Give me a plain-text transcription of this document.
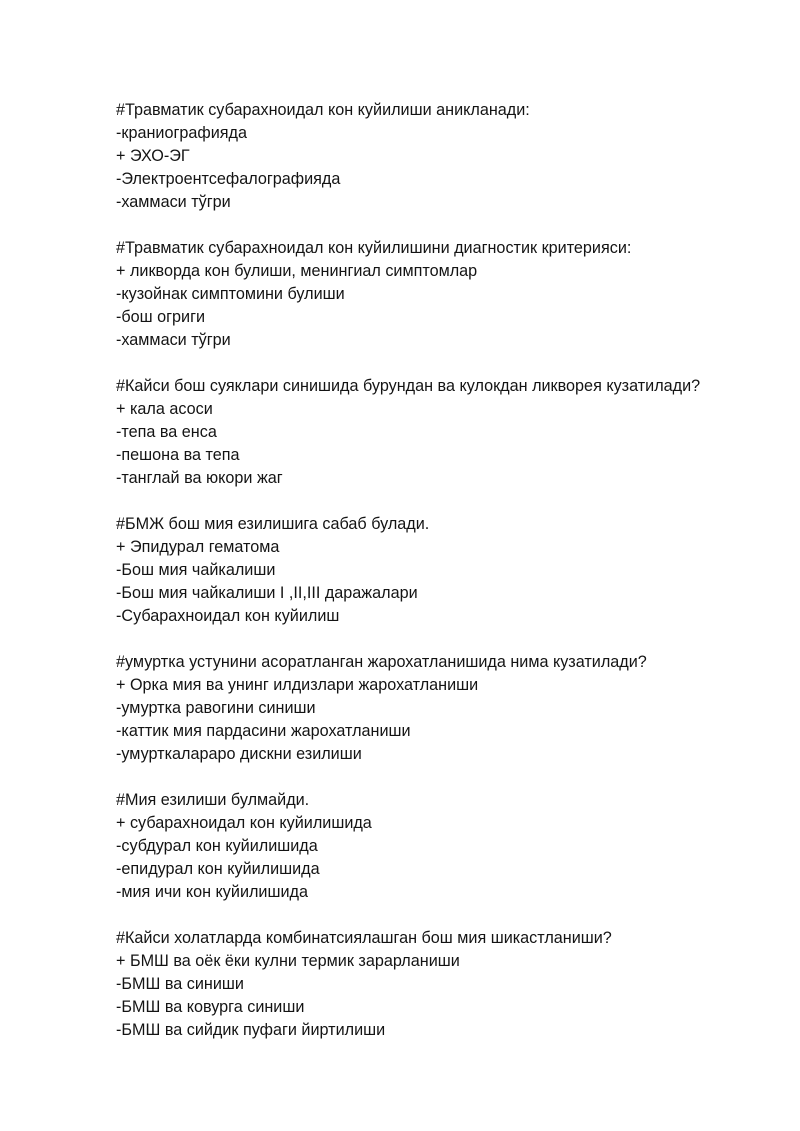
#Травматик субарахноидал кон куйилиши аникланади:
-краниографияда
+ ЭХО-ЭГ
-Электроентсефалографияда
-хаммаси тўгри
#Травматик субарахноидал кон куйилишини диагностик критерияси:
+ ликворда кон булиши, менингиал симптомлар
-кузойнак симптомини булиши
-бош огриги
-хаммаси тўгри
#Кайси бош суяклари синишида бурундан ва кулокдан ликворея кузатилади?
+ кала асоси
-тепа ва енса
-пешона ва тепа
-танглай ва юкори жаг
#БМЖ бош мия езилишига сабаб булади.
+ Эпидурал гематома
-Бош мия чайкалиши
-Бош мия чайкалиши I ,II,III даражалари
-Субарахноидал кон куйилиш
#умуртка устунини асоратланган жарохатланишида нима кузатилади?
+ Орка мия ва унинг илдизлари жарохатланиши
-умуртка равогини синиши
-каттик мия пардасини жарохатланиши
-умурткалараро дискни езилиши
#Мия езилиши булмайди.
+ субарахноидал кон куйилишида
-субдурал кон куйилишида
-епидурал кон куйилишида
-мия ичи кон куйилишида
#Кайси холатларда комбинатсиялашган бош мия шикастланиши?
+ БМШ ва оёк ёки кулни термик зарарланиши
-БМШ ва синиши
-БМШ ва ковурга синиши
-БМШ ва сийдик пуфаги йиртилиши
